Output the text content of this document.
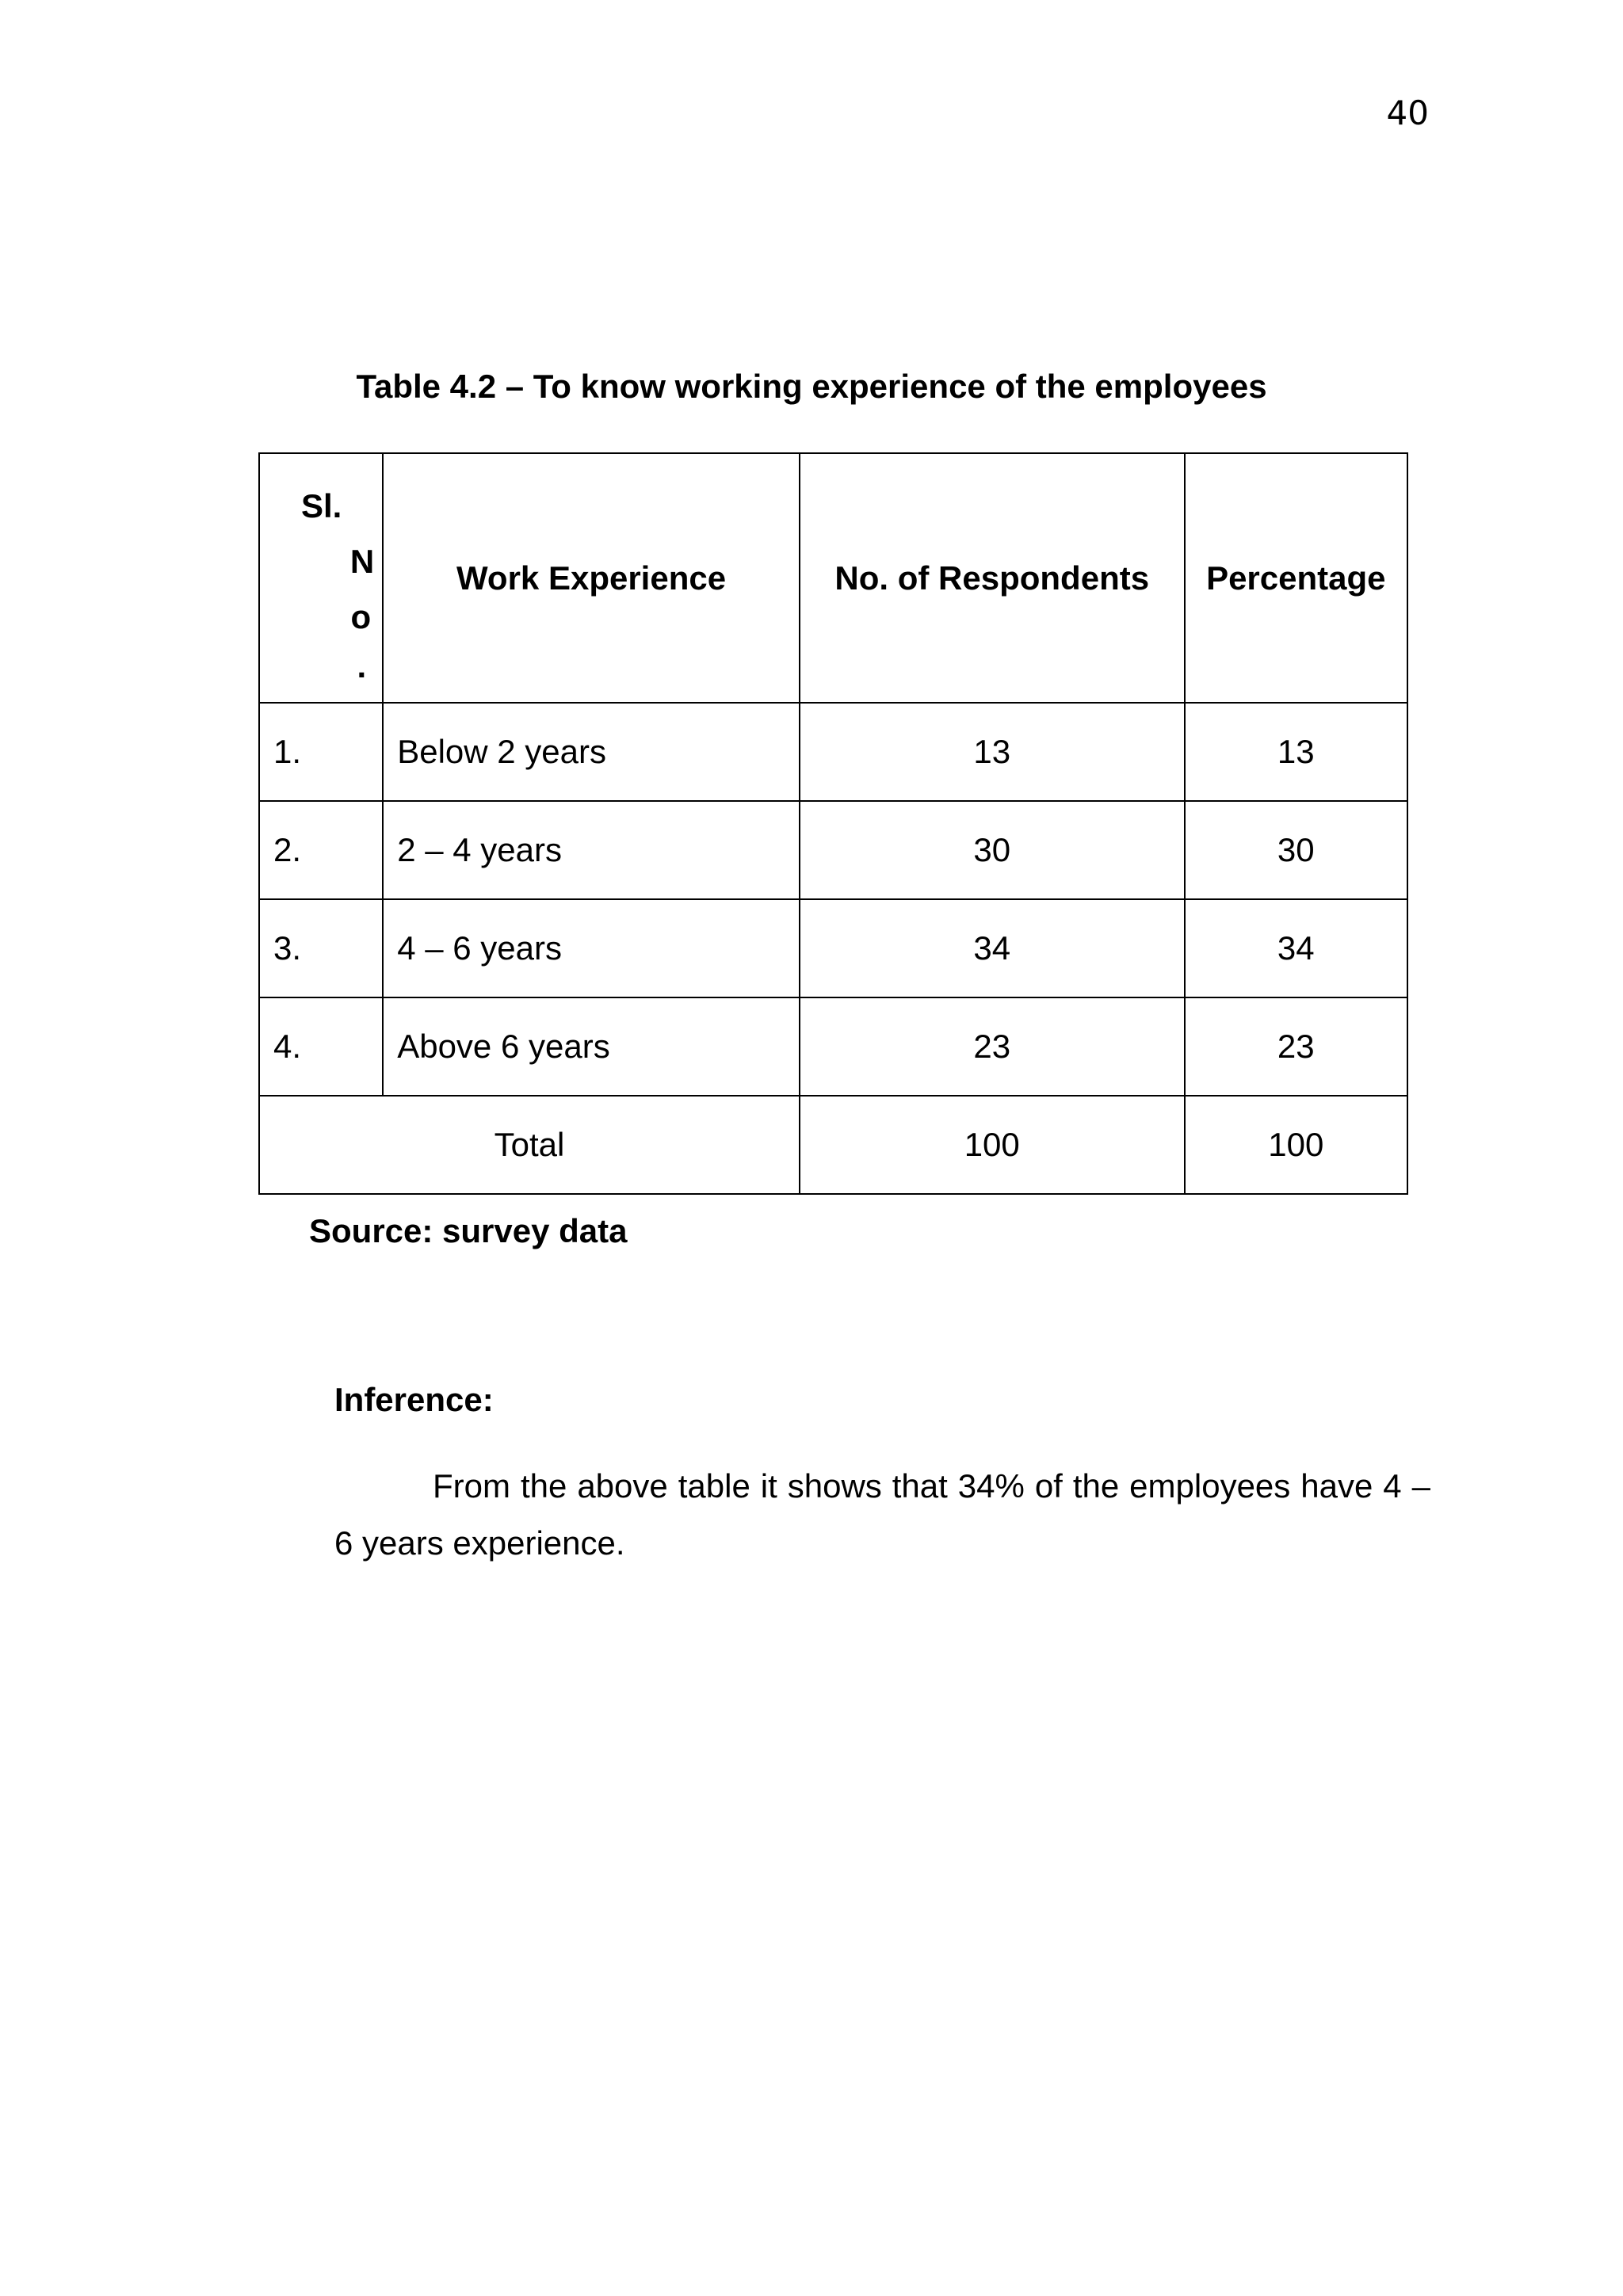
40
Table 4.2 – To know working experience of the employees
Sl.
N
o
.	Work Experience	No. of Respondents	Percentage
1.	Below 2 years	13	13
2.	2 – 4 years	30	30
3.	4 – 6 years	34	34
4.	Above 6 years	23	23
Total		100	100
Source: survey data
Inference:
From the above table it shows that 34% of the employees have 4 – 6 years experience.
